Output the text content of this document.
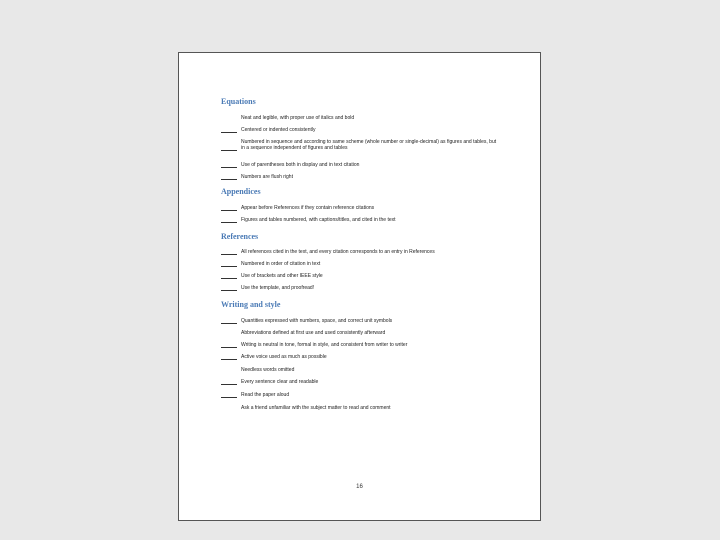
Equations
Neat and legible, with proper use of italics and bold
Centered or indented consistently
Numbered in sequence and according to same scheme (whole number or single-decimal) as figures and tables, but in a sequence independent of figures and tables
Use of parentheses both in display and in text citation
Numbers are flush right
Appendices
Appear before References if they contain reference citations
Figures and tables numbered, with captions/titles, and cited in the text
References
All references cited in the text, and every citation corresponds to an entry in References
Numbered in order of citation in text
Use of brackets and other IEEE style
Use the template, and proofread!
Writing and style
Quantities expressed with numbers, space, and correct unit symbols
Abbreviations defined at first use and used consistently afterward
Writing is neutral in tone, formal in style, and consistent from writer to writer
Active voice used as much as possible
Needless words omitted
Every sentence clear and readable
Read the paper aloud
Ask a friend unfamiliar with the subject matter to read and comment
16
